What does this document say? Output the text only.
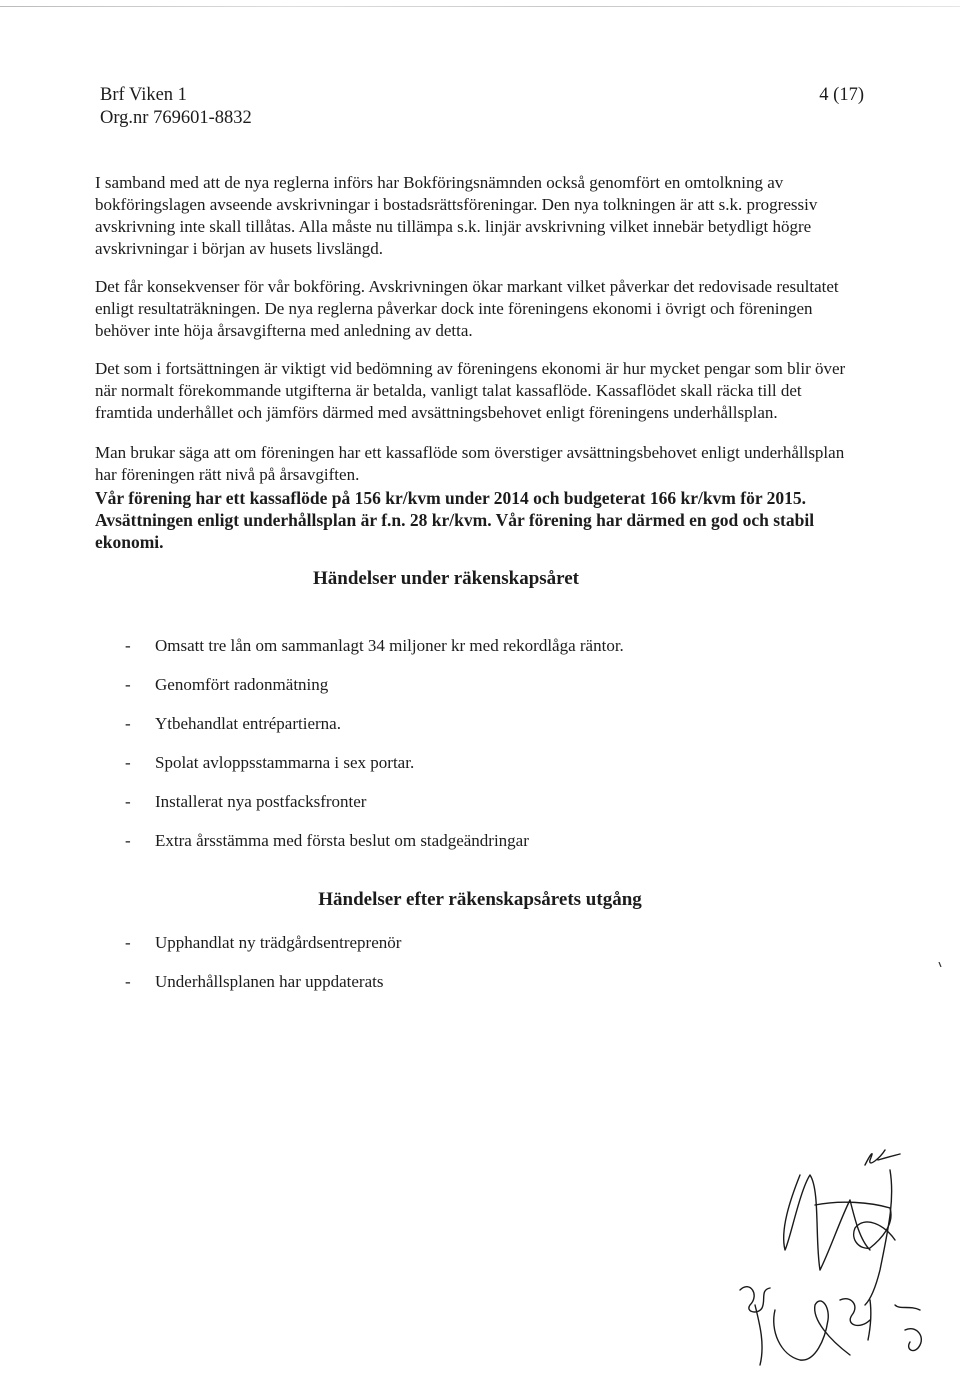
Brf Viken 1
Org.nr 769601-8832
4 (17)

I samband med att de nya reglerna införs har Bokföringsnämnden också genomfört en omtolkning av bokföringslagen avseende avskrivningar i bostadsrättsföreningar. Den nya tolkningen är att s.k. progressiv avskrivning inte skall tillåtas. Alla måste nu tillämpa s.k. linjär avskrivning vilket innebär betydligt högre avskrivningar i början av husets livslängd.

Det får konsekvenser för vår bokföring. Avskrivningen ökar markant vilket påverkar det redovisade resultatet enligt resultaträkningen. De nya reglerna påverkar dock inte föreningens ekonomi i övrigt och föreningen behöver inte höja årsavgifterna med anledning av detta.

Det som i fortsättningen är viktigt vid bedömning av föreningens ekonomi är hur mycket pengar som blir över när normalt förekommande utgifterna är betalda, vanligt talat kassaflöde. Kassaflödet skall räcka till det framtida underhållet och jämförs därmed med avsättningsbehovet enligt föreningens underhållsplan.

Man brukar säga att om föreningen har ett kassaflöde som överstiger avsättningsbehovet enligt underhållsplan har föreningen rätt nivå på årsavgiften.

Vår förening har ett kassaflöde på 156 kr/kvm under 2014 och budgeterat 166 kr/kvm för 2015. Avsättningen enligt underhållsplan är f.n. 28 kr/kvm. Vår förening har därmed en god och stabil ekonomi.

Händelser under räkenskapsåret
- Omsatt tre lån om sammanlagt 34 miljoner kr med rekordlåga räntor.
- Genomfört radonmätning
- Ytbehandlat entrépartierna.
- Spolat avloppsstammarna i sex portar.
- Installerat nya postfacksfronter
- Extra årsstämma med första beslut om stadgeändringar
Händelser efter räkenskapsårets utgång
- Upphandlat ny trädgårdsentreprenör
- Underhållsplanen har uppdaterats
